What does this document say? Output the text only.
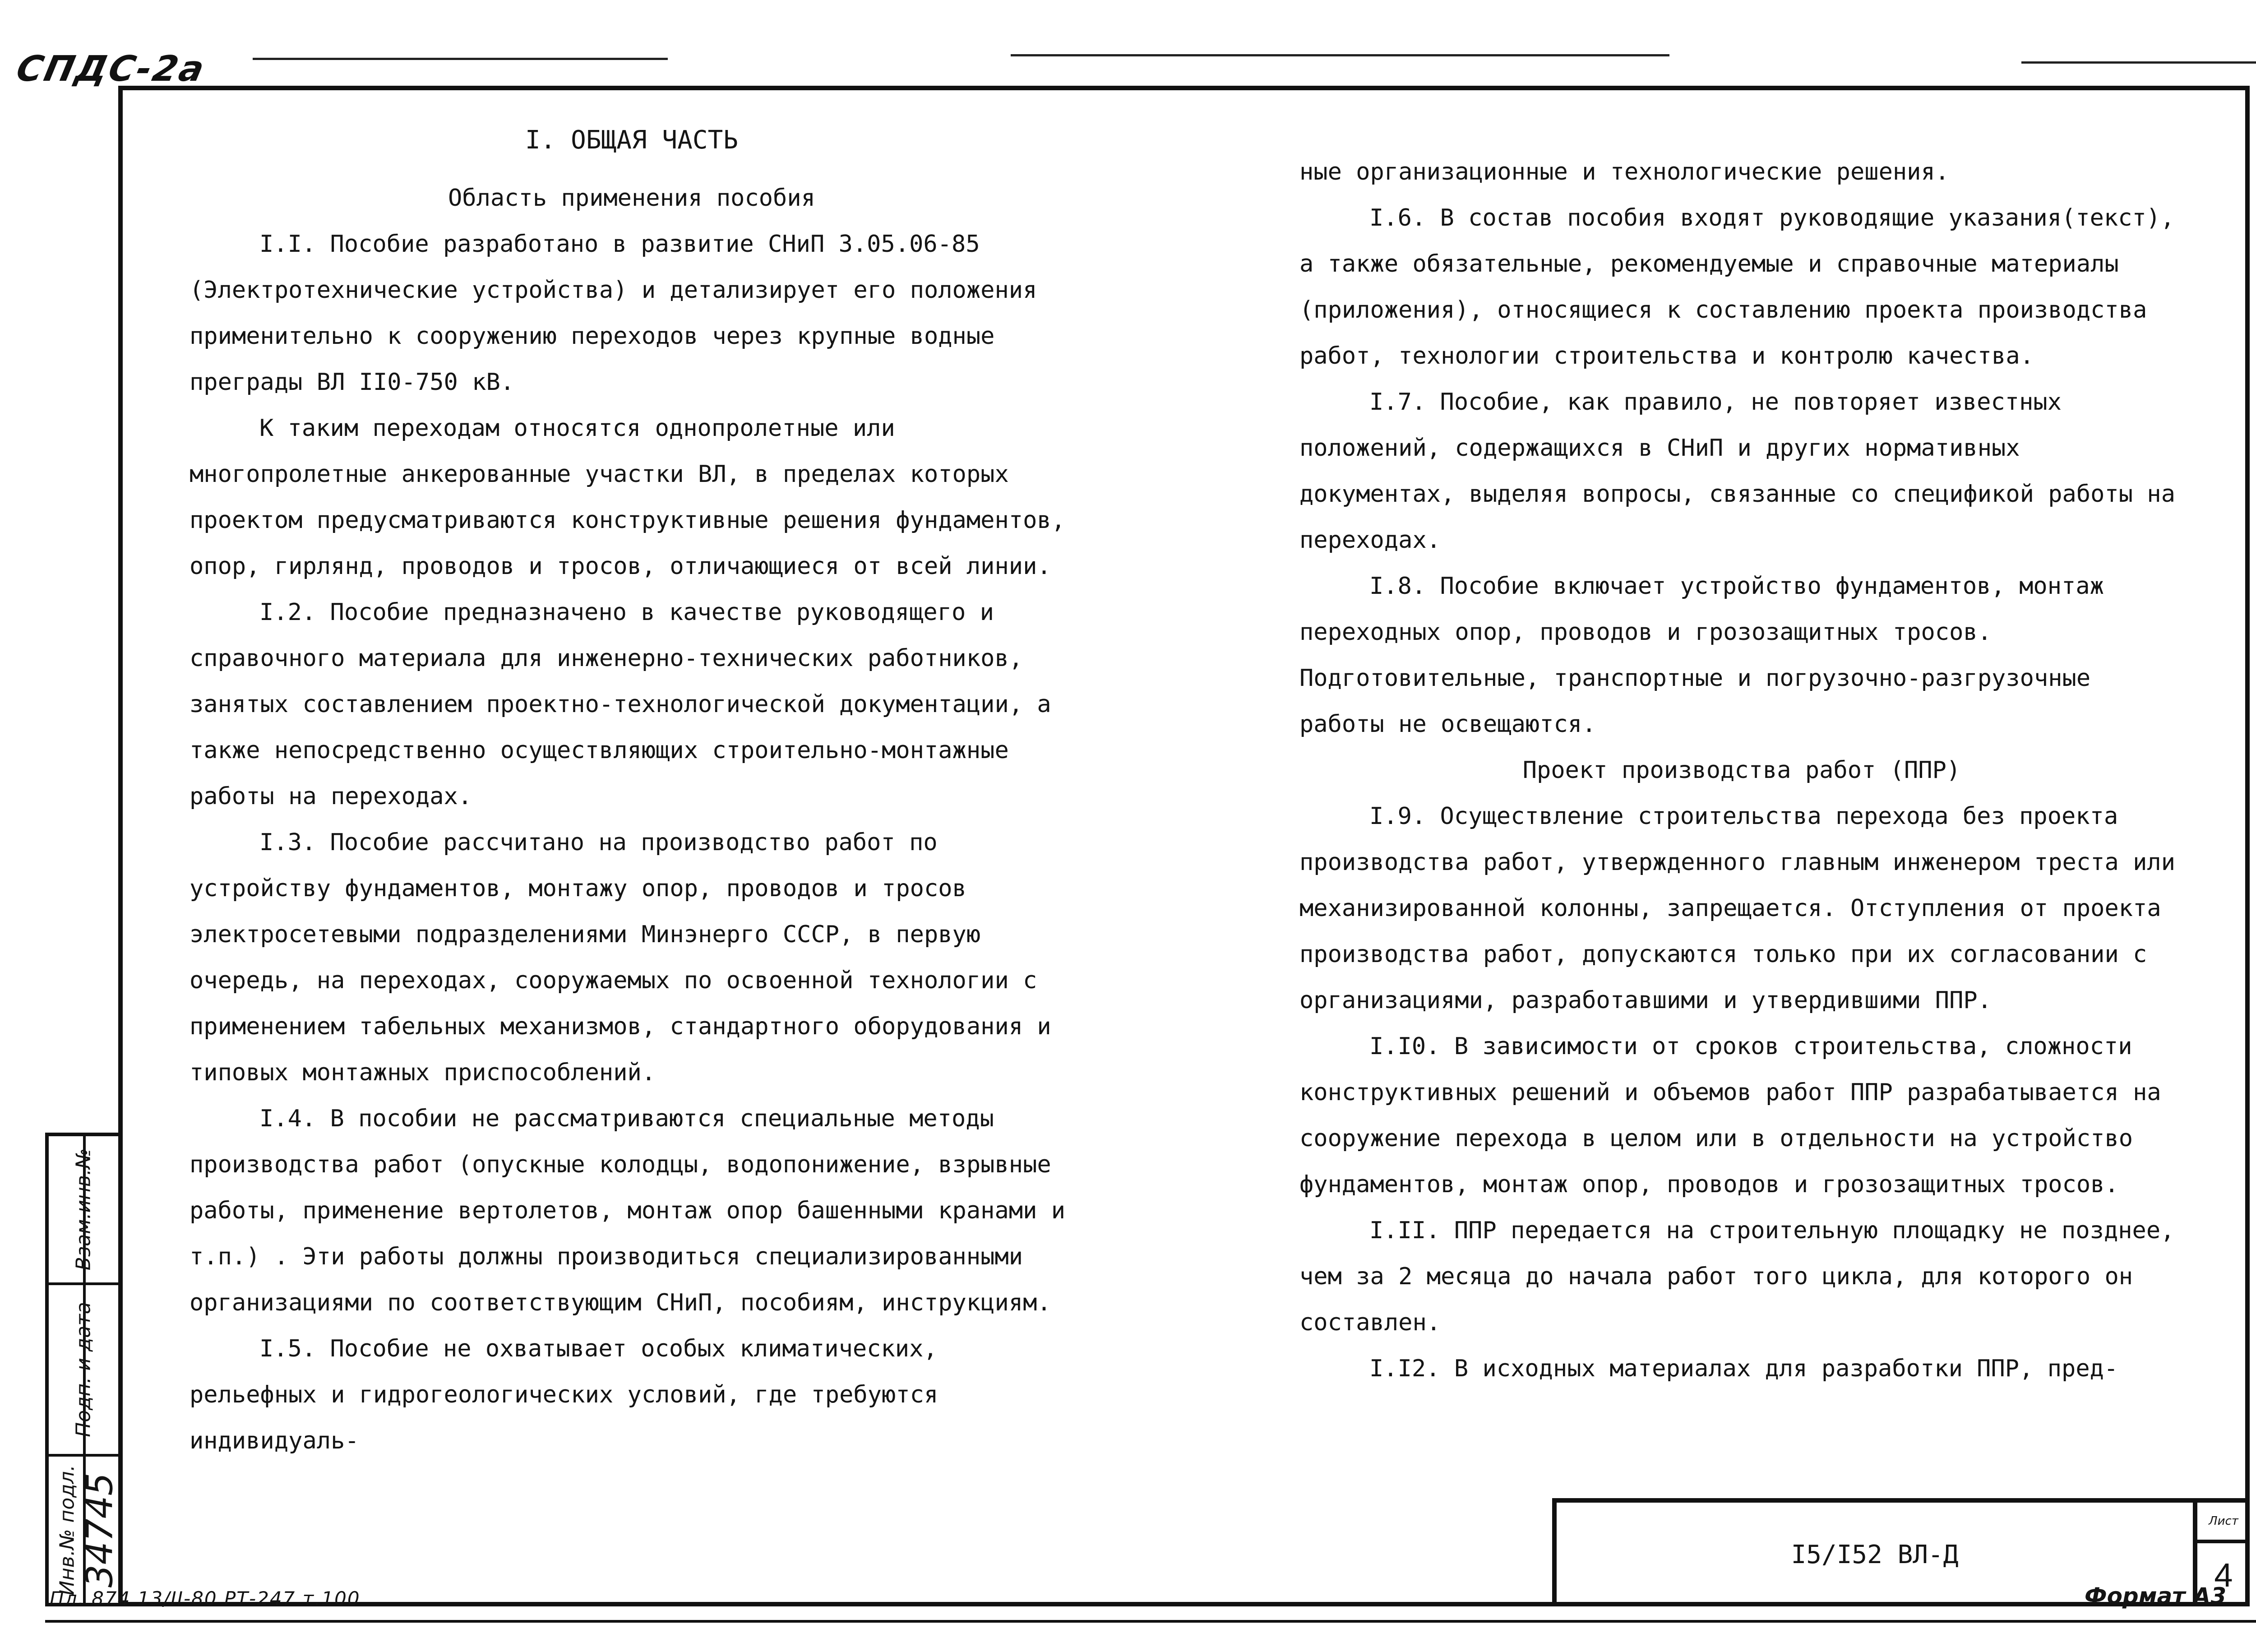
СПДС-2а

I. ОБЩАЯ ЧАСТЬ

Область применения пособия

I.I. Пособие разработано в развитие СНиП 3.05.06-85 (Электротехнические устройства) и детализирует его положения применительно к сооружению переходов через крупные водные преграды ВЛ II0-750 кВ.

К таким переходам относятся однопролетные или многопролетные анкерованные участки ВЛ, в пределах которых проектом предусматриваются конструктивные решения фундаментов, опор, гирлянд, проводов и тросов, отличающиеся от всей линии.

I.2. Пособие предназначено в качестве руководящего и справочного материала для инженерно-технических работников, занятых составлением проектно-технологической документации, а также непосредственно осуществляющих строительно-монтажные работы на переходах.

I.3. Пособие рассчитано на производство работ по устройству фундаментов, монтажу опор, проводов и тросов электросетевыми подразделениями Минэнерго СССР, в первую очередь, на переходах, сооружаемых по освоенной технологии с применением табельных механизмов, стандартного оборудования и типовых монтажных приспособлений.

I.4. В пособии не рассматриваются специальные методы производства работ (опускные колодцы, водопонижение, взрывные работы, применение вертолетов, монтаж опор башенными кранами и т.п.) . Эти работы должны производиться специализированными организациями по соответствующим СНиП, пособиям, инструкциям.

I.5. Пособие не охватывает особых климатических, рельефных и гидрогеологических условий, где требуются индивидуаль-

ные организационные и технологические решения.

I.6. В состав пособия входят руководящие указания(текст), а также обязательные, рекомендуемые и справочные материалы (приложения), относящиеся к составлению проекта производства работ, технологии строительства и контролю качества.

I.7. Пособие, как правило, не повторяет известных положений, содержащихся в СНиП и других нормативных документах, выделяя вопросы, связанные со спецификой работы на переходах.

I.8. Пособие включает устройство фундаментов, монтаж переходных опор, проводов и грозозащитных тросов. Подготовительные, транспортные и погрузочно-разгрузочные работы не освещаются.

Проект производства работ (ППР)

I.9. Осуществление строительства перехода без проекта производства работ, утвержденного главным инженером треста или механизированной колонны, запрещается. Отступления от проекта производства работ, допускаются только при их согласовании с организациями, разработавшими и утвердившими ППР.

I.I0. В зависимости от сроков строительства, сложности конструктивных решений и объемов работ ППР разрабатывается на сооружение перехода в целом или в отдельности на устройство фундаментов, монтаж опор, проводов и грозозащитных тросов.

I.II. ППР передается на строительную площадку не позднее, чем за 2 месяца до начала работ того цикла, для которого он составлен.

I.I2. В исходных материалах для разработки ППР, пред-

I5/I52 ВЛ-Д
Лист
4
Взам.инв.№
Подп. и дата
Инв.№ подл. 34745
Пл. 874 13/II-80 РТ-247 т.100	Формат А3
